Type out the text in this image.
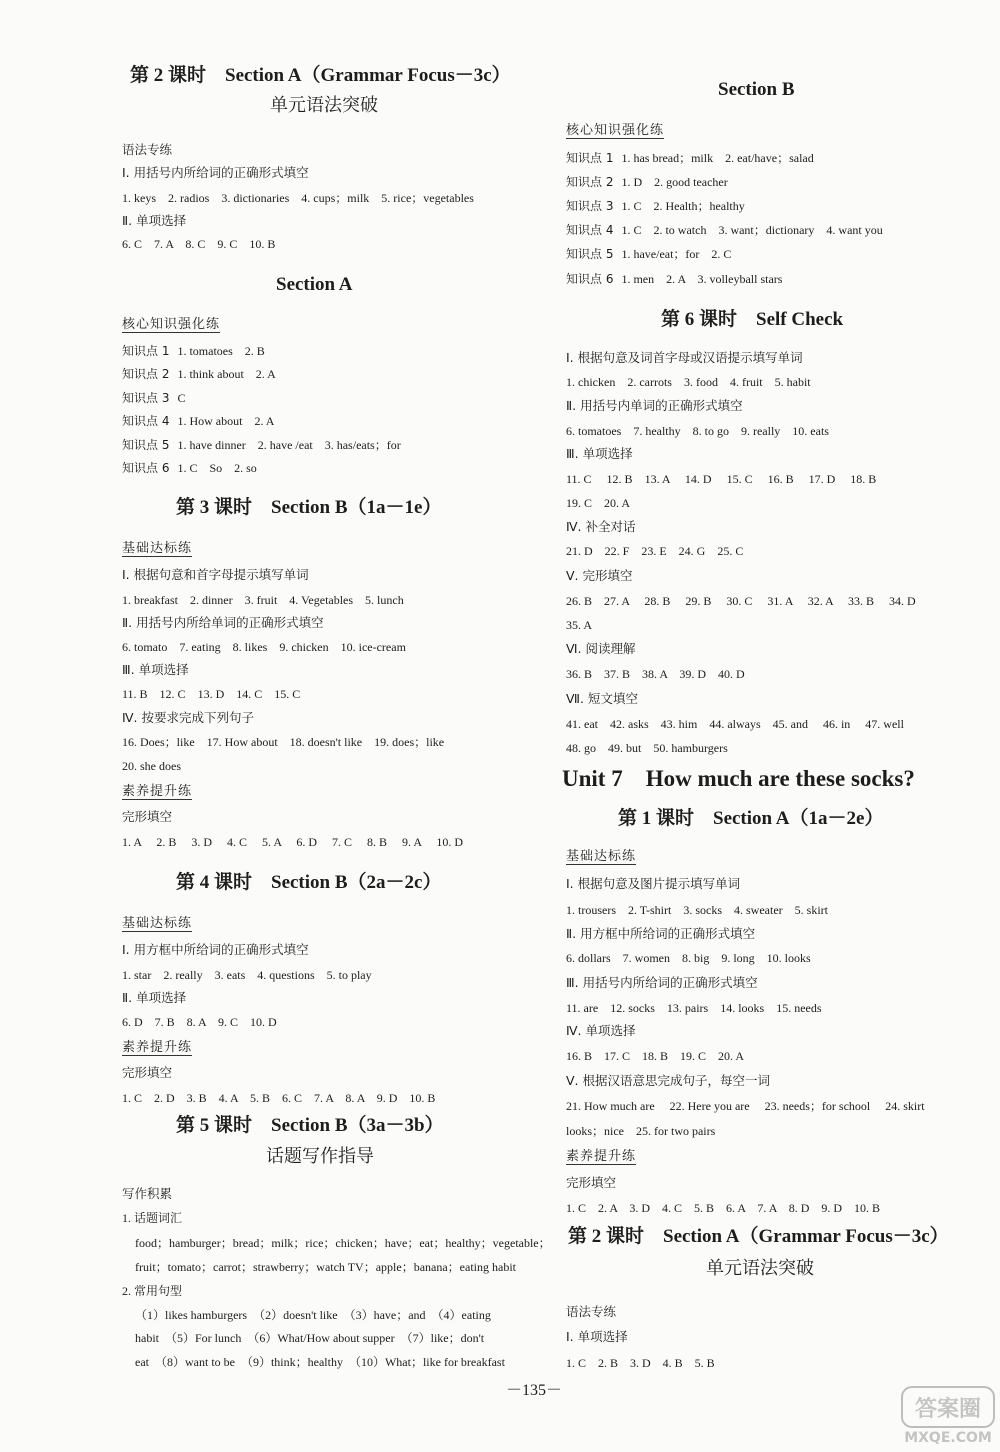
第 2 课时　Section A（Grammar Focus－3c）
单元语法突破
语法专练
Ⅰ. 用括号内所给词的正确形式填空
1. keys　2. radios　3. dictionaries　4. cups；milk　5. rice；vegetables
Ⅱ. 单项选择
6. C　7. A　8. C　9. C　10. B
Section A
核心知识强化练
知识点 1 1. tomatoes　2. B
知识点 2 1. think about　2. A
知识点 3 C
知识点 4 1. How about　2. A
知识点 5 1. have dinner　2. have /eat　3. has/eats；for
知识点 6 1. C　So　2. so
第 3 课时　Section B（1a－1e）
基础达标练
Ⅰ. 根据句意和首字母提示填写单词
1. breakfast　2. dinner　3. fruit　4. Vegetables　5. lunch
Ⅱ. 用括号内所给单词的正确形式填空
6. tomato　7. eating　8. likes　9. chicken　10. ice-cream
Ⅲ. 单项选择
11. B　12. C　13. D　14. C　15. C
Ⅳ. 按要求完成下列句子
16. Does；like　17. How about　18. doesn't like　19. does；like
20. she does
素养提升练
完形填空
1. A　 2. B　 3. D　 4. C　 5. A　 6. D　 7. C　 8. B　 9. A　 10. D
第 4 课时　Section B（2a－2c）
基础达标练
Ⅰ. 用方框中所给词的正确形式填空
1. star　2. really　3. eats　4. questions　5. to play
Ⅱ. 单项选择
6. D　7. B　8. A　9. C　10. D
素养提升练
完形填空
1. C　2. D　3. B　4. A　5. B　6. C　7. A　8. A　9. D　10. B
第 5 课时　Section B（3a－3b）
话题写作指导
写作积累
1. 话题词汇
food；hamburger；bread；milk；rice；chicken；have；eat；healthy；vegetable；
fruit；tomato；carrot；strawberry；watch TV；apple；banana；eating habit
2. 常用句型
（1）likes hamburgers　（2）doesn't like　（3）have；and　（4）eating
habit　（5）For lunch　（6）What/How about supper　（7）like；don't
eat　（8）want to be　（9）think；healthy　（10）What；like for breakfast
Section B
核心知识强化练
知识点 1 1. has bread；milk　2. eat/have；salad
知识点 2 1. D　2. good teacher
知识点 3 1. C　2. Health；healthy
知识点 4 1. C　2. to watch　3. want；dictionary　4. want you
知识点 5 1. have/eat；for　2. C
知识点 6 1. men　2. A　3. volleyball stars
第 6 课时　Self Check
Ⅰ. 根据句意及词首字母或汉语提示填写单词
1. chicken　2. carrots　3. food　4. fruit　5. habit
Ⅱ. 用括号内单词的正确形式填空
6. tomatoes　7. healthy　8. to go　9. really　10. eats
Ⅲ. 单项选择
11. C　 12. B　13. A　 14. D　 15. C　 16. B　 17. D　 18. B
19. C　20. A
Ⅳ. 补全对话
21. D　22. F　23. E　24. G　25. C
Ⅴ. 完形填空
26. B　27. A　 28. B　 29. B　 30. C　 31. A　 32. A　 33. B　 34. D
35. A
Ⅵ. 阅读理解
36. B　37. B　38. A　39. D　40. D
Ⅶ. 短文填空
41. eat　42. asks　43. him　44. always　45. and　 46. in　 47. well
48. go　49. but　50. hamburgers
Unit 7　How much are these socks?
第 1 课时　Section A（1a－2e）
基础达标练
Ⅰ. 根据句意及图片提示填写单词
1. trousers　2. T-shirt　3. socks　4. sweater　5. skirt
Ⅱ. 用方框中所给词的正确形式填空
6. dollars　7. women　8. big　9. long　10. looks
Ⅲ. 用括号内所给词的正确形式填空
11. are　12. socks　13. pairs　14. looks　15. needs
Ⅳ. 单项选择
16. B　17. C　18. B　19. C　20. A
Ⅴ. 根据汉语意思完成句子，每空一词
21. How much are　 22. Here you are　 23. needs；for school　 24. skirt
looks；nice　25. for two pairs
素养提升练
完形填空
1. C　2. A　3. D　4. C　5. B　6. A　7. A　8. D　9. D　10. B
第 2 课时　Section A（Grammar Focus－3c）
单元语法突破
语法专练
Ⅰ. 单项选择
1. C　2. B　3. D　4. B　5. B
－135－
答案圈
MXQE.COM
